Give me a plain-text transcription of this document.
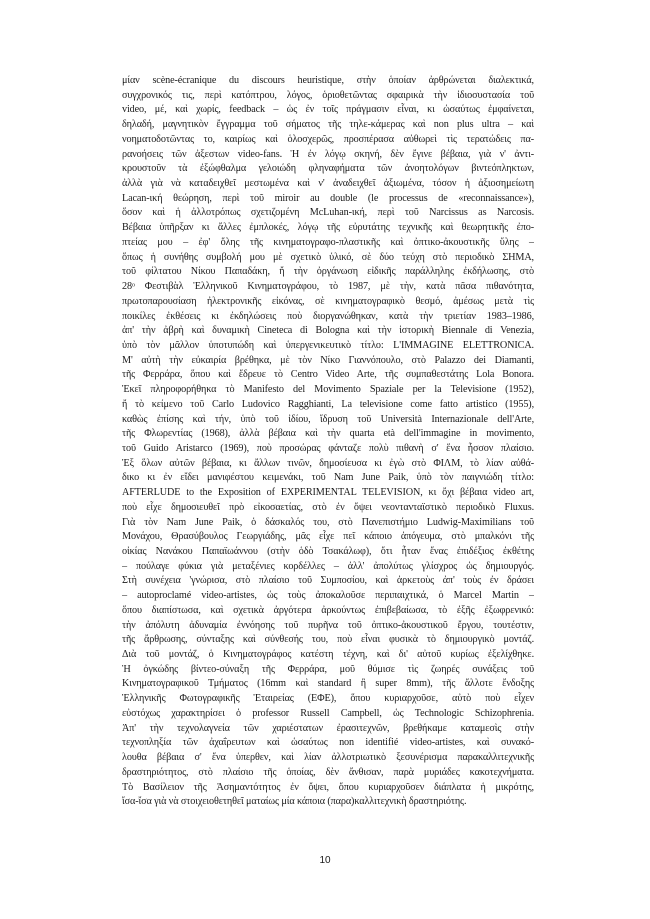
μίαν scène-écranique du discours heuristique, στὴν ὁποίαν ἀρθρώνεται διαλεκτικά,
συγχρονικός τις, περὶ κατόπτρου, λόγος, ὁριοθετῶντας σφαιρικὰ τὴν ἰδιοσυστασία τοῦ
video, μέ, καὶ χωρίς, feedback – ὡς ἐν τοῖς πράγμασιν εἶναι, κι ὡσαύτως ἐμφαίνεται,
δηλαδή, μαγνητικὸν ἔγγραμμα τοῦ σήματος τῆς τηλε-κάμερας καὶ non plus ultra – καὶ
νοηματοδοτῶντας το, καιρίως καὶ ὁλοσχερῶς, προσπέρασα αὐθωρεὶ τὶς τερατώδεις πα-
ρανοήσεις τῶν ἀξεστων video-fans. Ἡ ἐν λόγῳ σκηνή, δὲν ἔγινε βέβαια, γιὰ ν' ἀντι-
κρουστοῦν τὰ ἐξώφθαλμα γελοιώδη φληναφήματα τῶν ἀνοητολόγων βιντεόπληκτων,
ἀλλὰ γιὰ νὰ καταδειχθεῖ μεστωμένα καὶ ν' ἀναδειχθεῖ ἀξιωμένα, τόσον ἡ ἀξιοσημείωτη
Lacan-ική θεώρηση, περὶ τοῦ miroir au double (le processus de «reconnaissance»),
ὅσον καὶ ἡ ἀλλοτρόπως σχετιζομένη McLuhan-ική, περὶ τοῦ Narcissus as Narcosis.
Βέβαια ὑπῆρξαν κι ἄλλες ἐμπλοκές, λόγῳ τῆς εὐρυτάτης τεχνικῆς καὶ θεωρητικῆς ἐπο-
πτείας μου – ἐφ' ὅλης τῆς κινηματογραφο-πλαστικῆς καὶ ὀπτικο-ἀκουστικῆς ὕλης –
ὅπως ἡ συνήθης συμβολή μου μὲ σχετικὸ ὑλικό, σὲ δύο τεύχη στὸ περιοδικὸ ΣΗΜΑ,
τοῦ φίλτατου Νίκου Παπαδάκη, ἤ τὴν ὀργάνωση εἰδικῆς παράλληλης ἐκδήλωσης, στὸ
28ᵒ Φεστιβὰλ Ἑλληνικοῦ Κινηματογράφου, τὸ 1987, μὲ τὴν, κατὰ πᾶσα πιθανότητα,
πρωτοπαρουσίαση ἠλεκτρονικῆς εἰκόνας, σὲ κινηματογραφικὸ θεσμό, ἀμέσως μετὰ τὶς
ποικίλες ἐκθέσεις κι ἐκδηλώσεις ποὺ διοργανώθηκαν, κατὰ τὴν τριετίαν 1983–1986,
ἀπ' τὴν ἀβρὴ καὶ δυναμικὴ Cineteca di Bologna καὶ τὴν ἱστορικὴ Biennale di Venezia,
ὑπὸ τὸν μᾶλλον ὑποτυπώδη καὶ ὑπεργενικευτικὸ τίτλο: L'IMMAGINE ELETTRONICA.
Μ' αὐτὴ τὴν εὐκαιρία βρέθηκα, μὲ τὸν Νίκο Γιαννόπουλο, στὸ Palazzo dei Diamanti,
τῆς Φερράρα, ὅπου καὶ ἕδρευε τὸ Centro Video Arte, τῆς συμπαθεστάτης Lola Bonora.
Ἐκεῖ πληροφορήθηκα τὸ Manifesto del Movimento Spaziale per la Televisione (1952),
ἤ τὸ κείμενο τοῦ Carlo Ludovico Ragghianti, La televisione come fatto artistico (1955),
καθὼς ἐπίσης καὶ τήν, ὑπὸ τοῦ ἰδίου, ἵδρυση τοῦ Università Internazionale dell'Arte,
τῆς Φλωρεντίας (1968), ἀλλὰ βέβαια καὶ τὴν quarta età dell'immagine in movimento,
τοῦ Guido Aristarco (1969), ποὺ προσώρας φάνταζε πολὺ πιθανὴ σ' ἕνα ἧσσον πλαίσιο.
Ἐξ ὅλων αὐτῶν βέβαια, κι ἄλλων τινῶν, δημοσίευσα κι ἐγὼ στὸ ΦΙΛΜ, τὸ λίαν αὐθά-
δικο κι ἐν εἴδει μανιφέστου κειμενάκι, τοῦ Nam June Paik, ὑπὸ τὸν παιγνιώδη τίτλο:
AFTERLUDE to the Exposition of EXPERIMENTAL TELEVISION, κι ὄχι βέβαια video art,
ποὺ εἶχε δημοσιευθεῖ πρὸ εἰκοσαετίας, στὸ ἐν ὄψει νεοντανταϊστικὸ περιοδικὸ Fluxus.
Γιὰ τὸν Nam June Paik, ὁ δάσκαλός του, στὸ Πανεπιστήμιο Ludwig-Maximilians τοῦ
Μονάχου, Θρασύβουλος Γεωργιάδης, μᾶς εἶχε πεῖ κάποιο ἀπόγευμα, στὸ μπαλκόνι τῆς
οἰκίας Νανάκου Παπαϊωάννου (στὴν ὁδὸ Τσακάλωφ), ὅτι ἦταν ἕνας ἐπιδέξιος ἐκθέτης
– πούλαγε φύκια γιὰ μεταξένιες κορδέλλες – ἀλλ' ἀπολύτως γλίσχρος ὡς δημιουργός.
Στὴ συνέχεια 'γνώρισα, στὸ πλαίσιο τοῦ Συμποσίου, καὶ ἀρκετοὺς ἀπ' τοὺς ἐν δράσει
– autoproclamé video-artistes, ὡς τοὺς ἀποκαλοῦσε περιπαιχτικά, ὁ Marcel Martin –
ὅπου διαπίστωσα, καὶ σχετικὰ ἀργότερα ἀρκούντως ἐπιβεβαίωσα, τὸ ἐξῆς ἐξωφρενικό:
τὴν ἀπόλυτη ἀδυναμία ἐννόησης τοῦ πυρῆνα τοῦ ὀπτικο-ἀκουστικοῦ ἔργου, τουτέστιν,
τῆς ἄρθρωσης, σύνταξης καὶ σύνθεσής του, ποὺ εἶναι φυσικὰ τὸ δημιουργικὸ μοντάζ.
Διὰ τοῦ μοντάζ, ὁ Κινηματογράφος κατέστη τέχνη, καὶ δι' αὐτοῦ κυρίως ἐξελίχθηκε.
Ἡ ὀγκώδης βίντεο-σύναξη τῆς Φερράρα, μοῦ θύμισε τὶς ζωηρές συνάξεις τοῦ
Κινηματογραφικοῦ Τμήματος (16mm καὶ standard ἢ super 8mm), τῆς ἄλλοτε ἔνδοξης
Ἑλληνικῆς Φωτογραφικῆς Ἑταιρείας (ΕΦΕ), ὅπου κυριαρχοῦσε, αὐτὸ ποὺ εἶχεν
εὐστόχως χαρακτηρίσει ὁ professor Russell Campbell, ὡς Technologic Schizophrenia.
Ἀπ' τὴν τεχνολαγνεία τῶν χαριέστατων ἐρασιτεχνῶν, βρεθήκαμε καταμεσὶς στὴν
τεχνοπληξία τῶν ἀχαΐρευτων καὶ ὡσαύτως non identifié video-artistes, καὶ συνακό-
λουθα βέβαια σ' ἕνα ὑπερθεν, καὶ λίαν ἀλλοτριωτικὸ ξεσυνέρισμα παρακαλλιτεχνικῆς
δραστηριότητος, στὸ πλαίσιο τῆς ὁποίας, δὲν ἄνθισαν, παρὰ μυριάδες κακοτεχνήματα.
Τὸ Βασίλειον τῆς Ἀσημαντότητος ἐν ὄψει, ὅπου κυριαρχοῦσεν διάπλατα ἡ μικρότης,
ἴσα-ἴσα γιὰ νὰ στοιχειοθετηθεῖ ματαίως μία κάποια (παρα)καλλιτεχνικὴ δραστηριότης.
10
